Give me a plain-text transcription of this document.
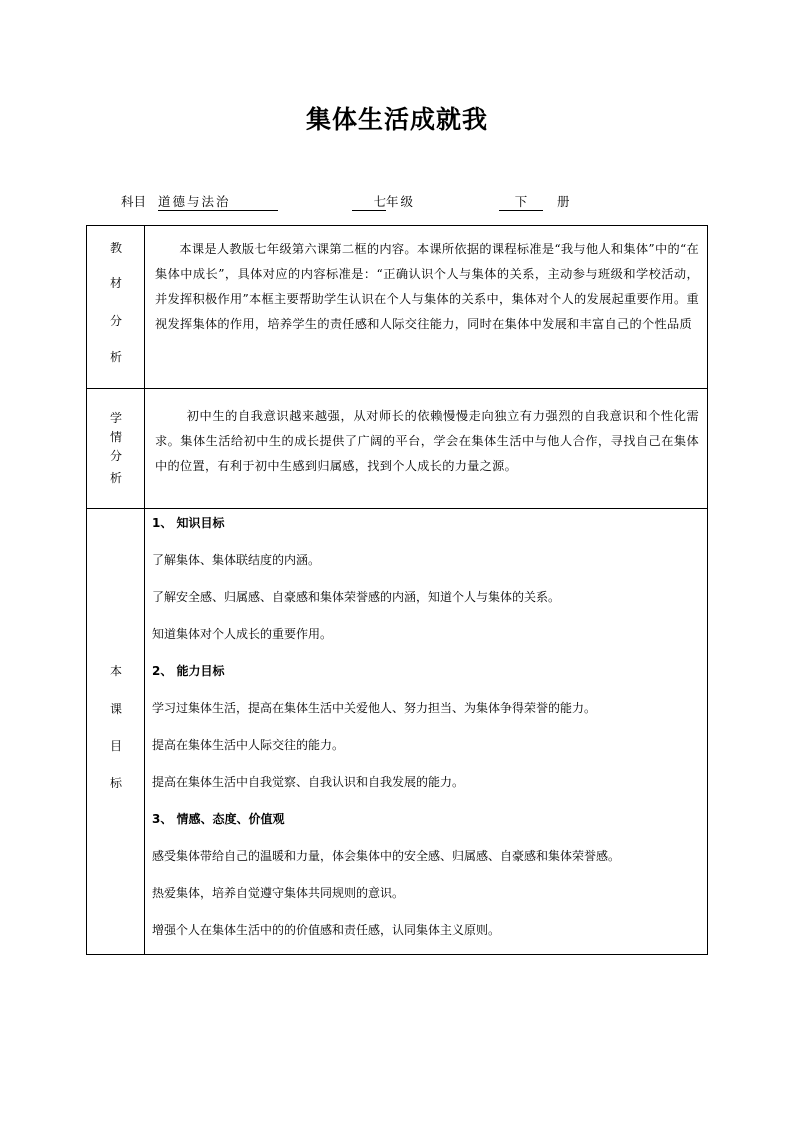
集体生活成就我
科目 道德与法治	七年级	下 册
教
材
分
析
本课是人教版七年级第六课第二框的内容。本课所依据的课程标准是“我与他人和集体”中的“在集体中成长”，具体对应的内容标准是：“正确认识个人与集体的关系，主动参与班级和学校活动，并发挥积极作用”本框主要帮助学生认识在个人与集体的关系中，集体对个人的发展起重要作用。重视发挥集体的作用，培养学生的责任感和人际交往能力，同时在集体中发展和丰富自己的个性品质
学
情
分
析
初中生的自我意识越来越强，从对师长的依赖慢慢走向独立有力强烈的自我意识和个性化需求。集体生活给初中生的成长提供了广阔的平台，学会在集体生活中与他人合作，寻找自己在集体中的位置，有利于初中生感到归属感，找到个人成长的力量之源。
本
课
目
标
1、 知识目标
了解集体、集体联结度的内涵。
了解安全感、归属感、自豪感和集体荣誉感的内涵，知道个人与集体的关系。
知道集体对个人成长的重要作用。
2、 能力目标
学习过集体生活，提高在集体生活中关爱他人、努力担当、为集体争得荣誉的能力。
提高在集体生活中人际交往的能力。
提高在集体生活中自我觉察、自我认识和自我发展的能力。
3、 情感、态度、价值观
感受集体带给自己的温暖和力量，体会集体中的安全感、归属感、自豪感和集体荣誉感。
热爱集体，培养自觉遵守集体共同规则的意识。
增强个人在集体生活中的的价值感和责任感，认同集体主义原则。
